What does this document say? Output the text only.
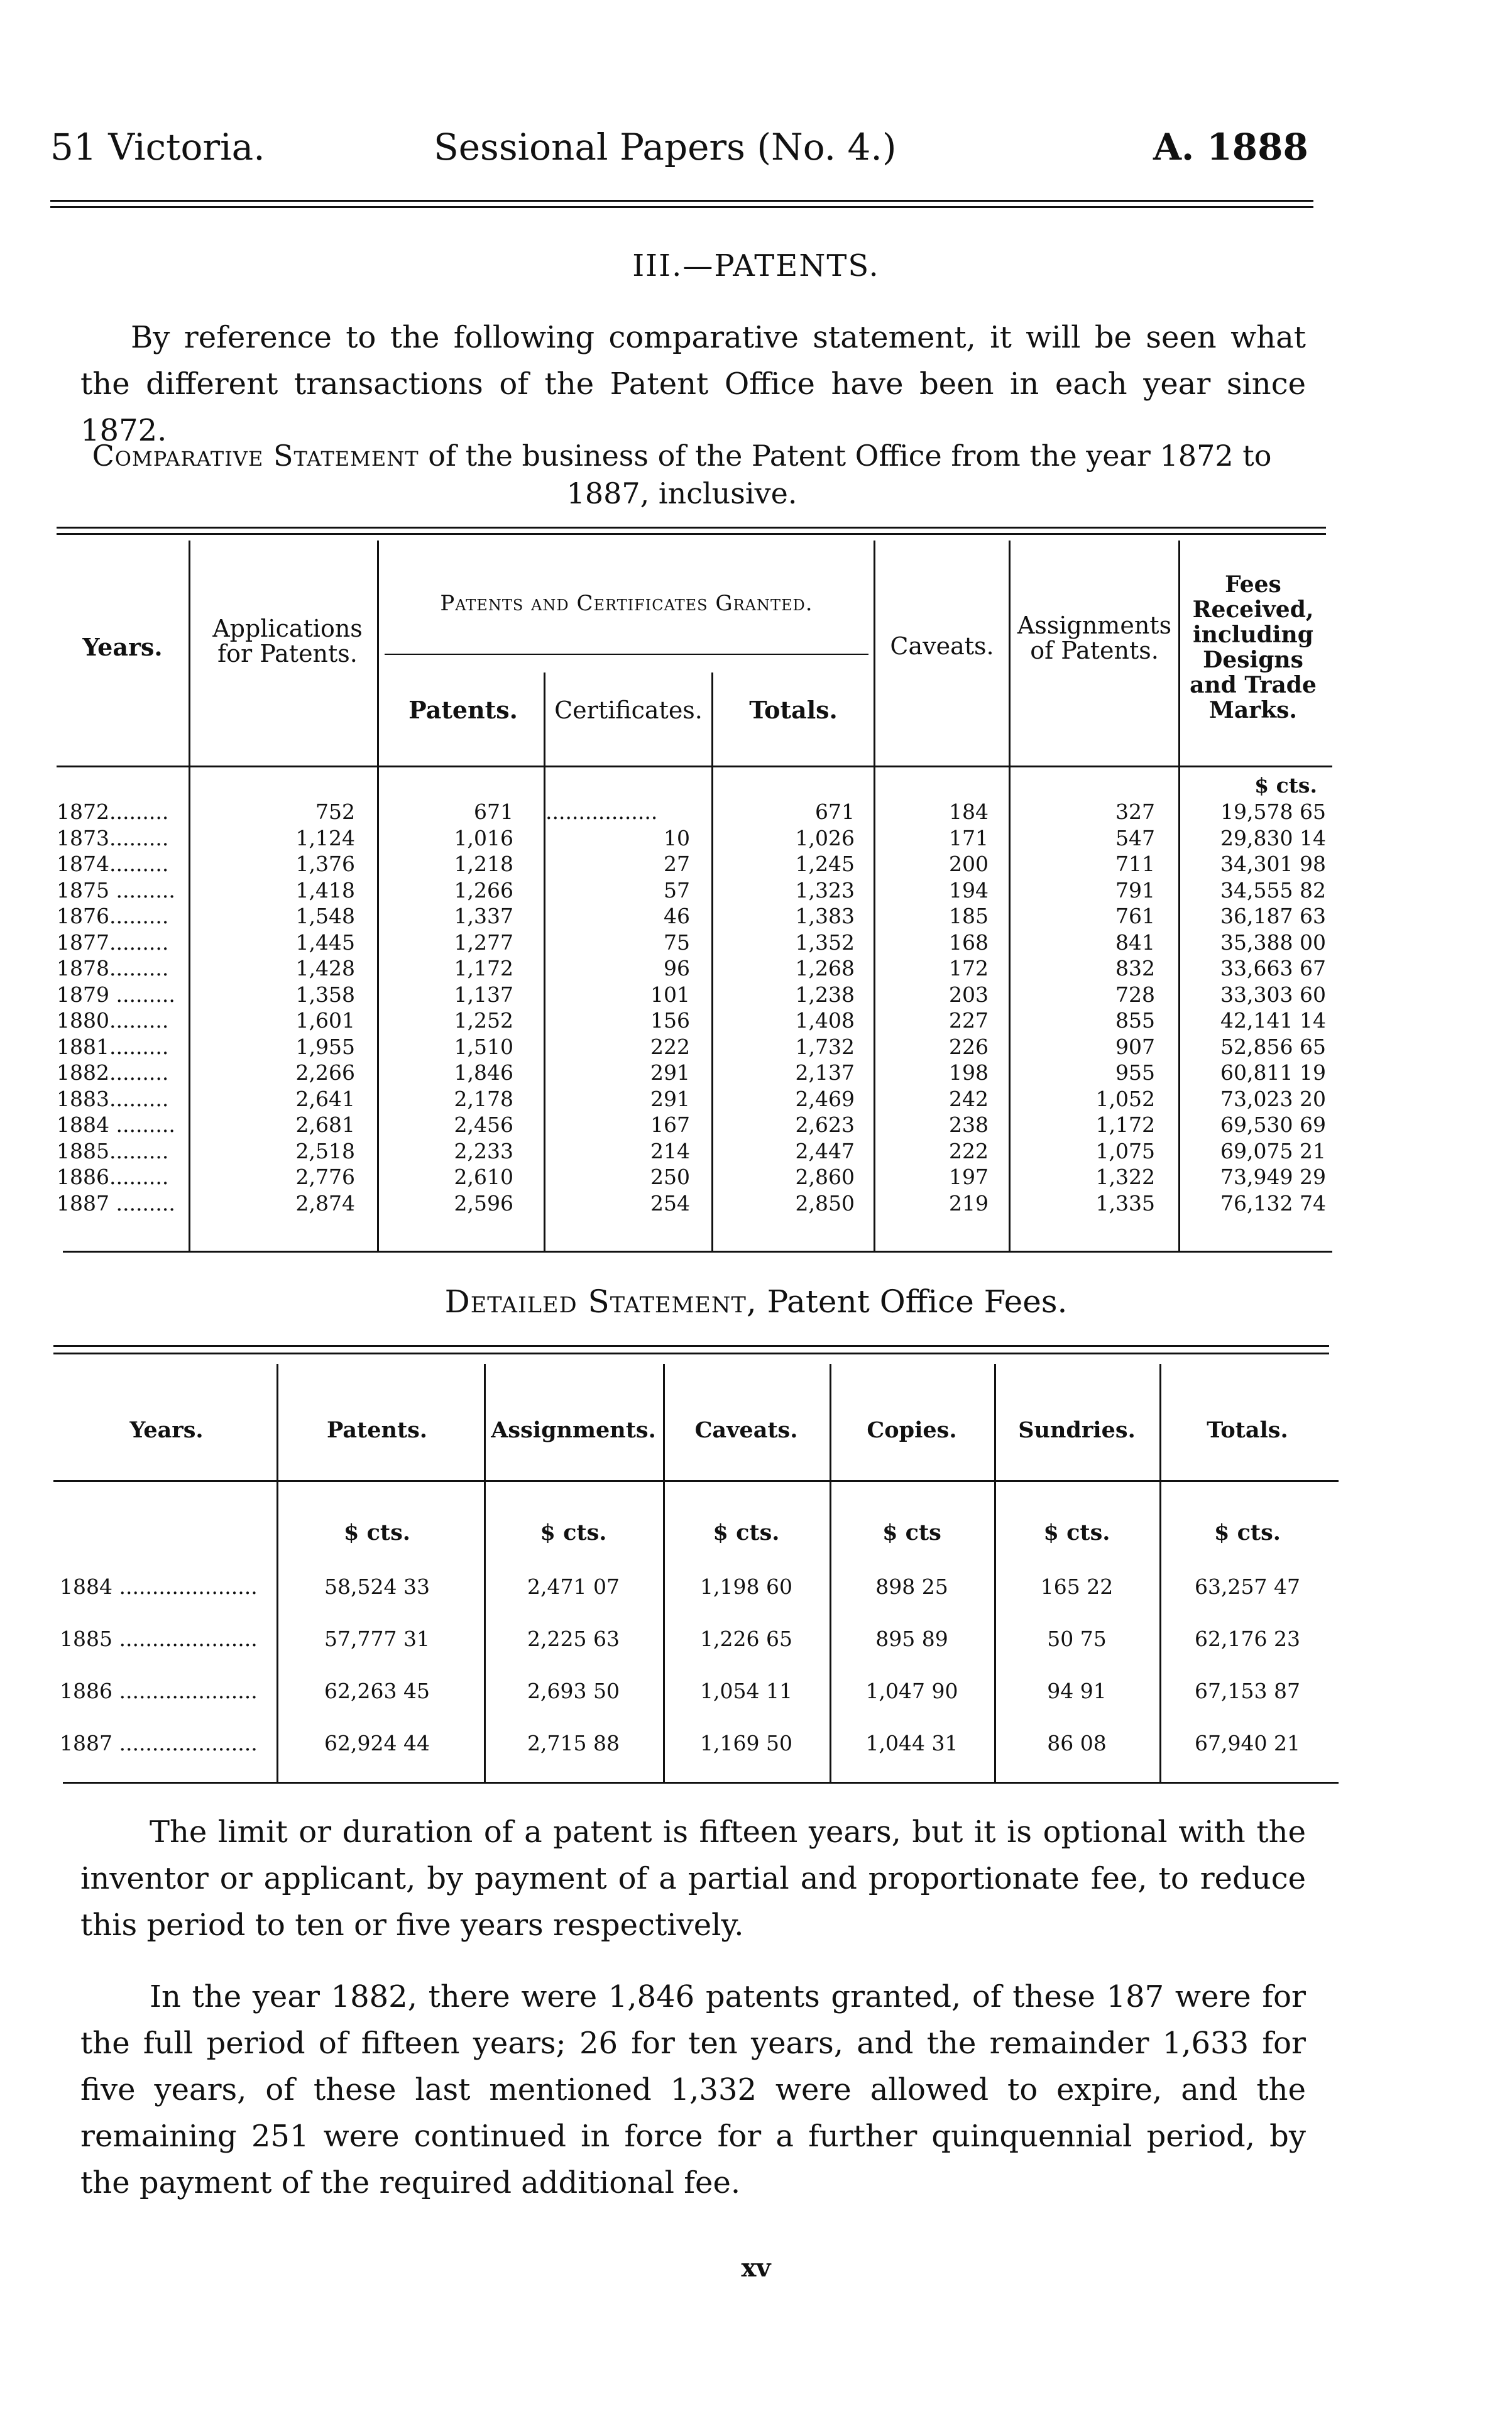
51 Victoria.	Sessional Papers (No. 4.)	A. 1888
III.—PATENTS.
By reference to the following comparative statement, it will be seen what the different transactions of the Patent Office have been in each year since 1872.
Comparative Statement of the business of the Patent Office from the year 1872 to 1887, inclusive.
Years.
Applications for Patents.
Patents and Certificates Granted.
Patents.	Certificates.	Totals.
Caveats.
Assignments of Patents.
Fees Received, including Designs and Trade Marks.
$ cts.
1872.........	752	671 .................	671	184	327	19,578 65
1873.........	1,124	1,016	10	1,026	171	547	29,830 14
1874.........	1,376	1,218	27	1,245	200	711	34,301 98
1875 .........	1,418	1,266	57	1,323	194	791	34,555 82
1876.........	1,548	1,337	46	1,383	185	761	36,187 63
1877.........	1,445	1,277	75	1,352	168	841	35,388 00
1878.........	1,428	1,172	96	1,268	172	832	33,663 67
1879 .........	1,358	1,137	101	1,238	203	728	33,303 60
1880.........	1,601	1,252	156	1,408	227	855	42,141 14
1881.........	1,955	1,510	222	1,732	226	907	52,856 65
1882.........	2,266	1,846	291	2,137	198	955	60,811 19
1883.........	2,641	2,178	291	2,469	242	1,052	73,023 20
1884 .........	2,681	2,456	167	2,623	238	1,172	69,530 69
1885.........	2,518	2,233	214	2,447	222	1,075	69,075 21
1886.........	2,776	2,610	250	2,860	197	1,322	73,949 29
1887 .........	2,874	2,596	254	2,850	219	1,335	76,132 74
Detailed Statement, Patent Office Fees.
Years.	Patents.	Assignments.	Caveats.	Copies.	Sundries.	Totals.
$ cts.	$ cts.	$ cts.	$ cts	$ cts.	$ cts.
1884 .....................	58,524 33	2,471 07	1,198 60	898 25	165 22	63,257 47
1885 .....................	57,777 31	2,225 63	1,226 65	895 89	50 75	62,176 23
1886 .....................	62,263 45	2,693 50	1,054 11	1,047 90	94 91	67,153 87
1887 .....................	62,924 44	2,715 88	1,169 50	1,044 31	86 08	67,940 21
The limit or duration of a patent is fifteen years, but it is optional with the inventor or applicant, by payment of a partial and proportionate fee, to reduce this period to ten or five years respectively.
In the year 1882, there were 1,846 patents granted, of these 187 were for the full period of fifteen years; 26 for ten years, and the remainder 1,633 for five years, of these last mentioned 1,332 were allowed to expire, and the remaining 251 were continued in force for a further quinquennial period, by the payment of the required additional fee.
xv
